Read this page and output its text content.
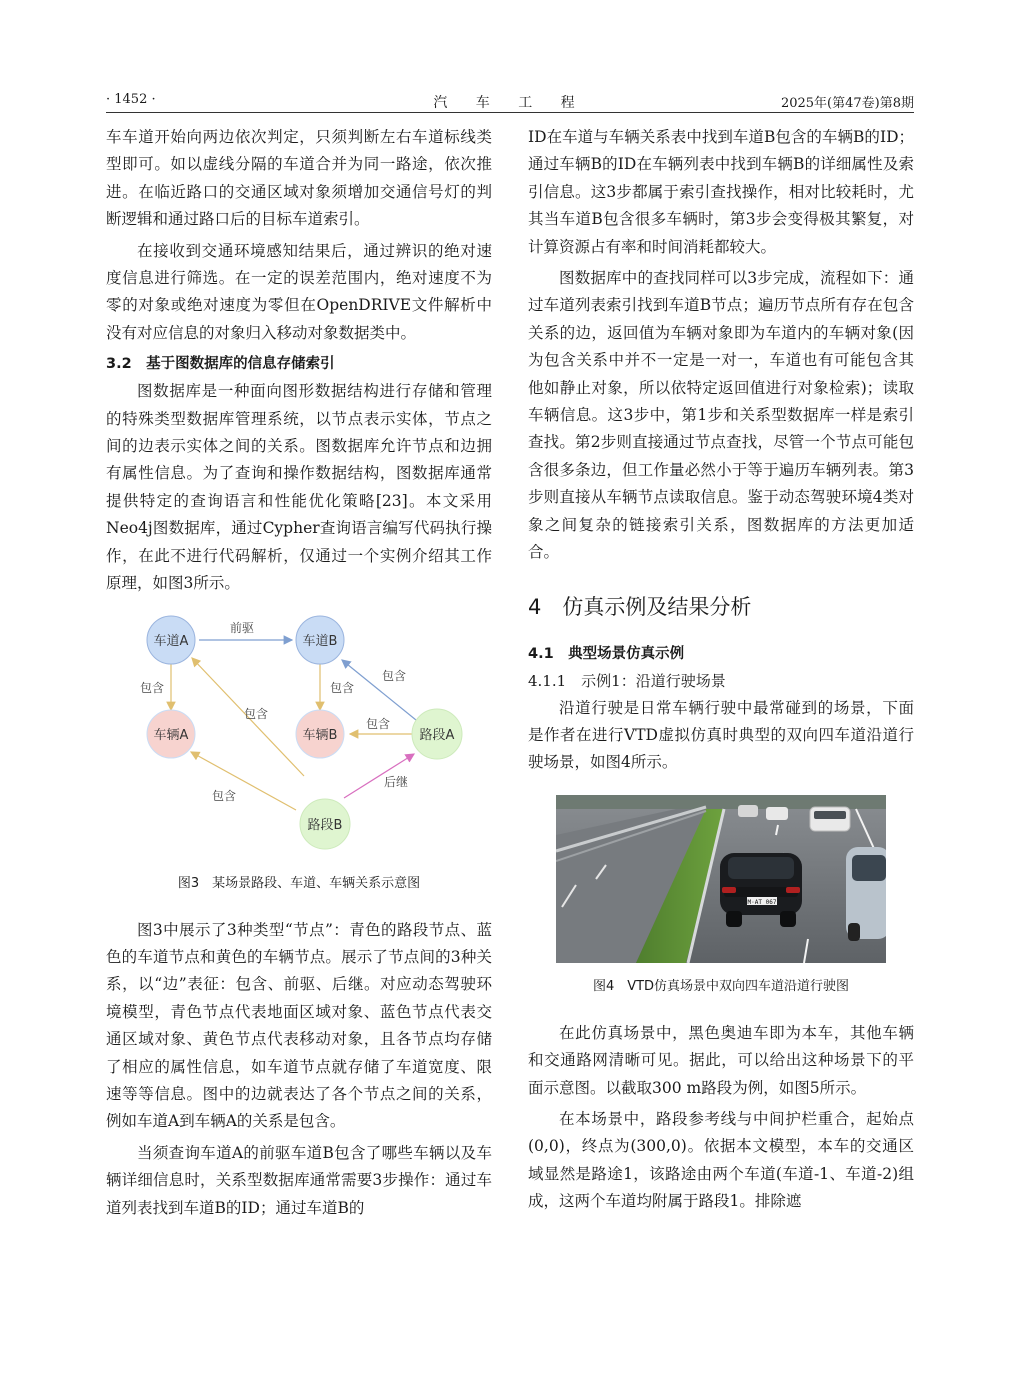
· 1452 ·	汽 车 工 程	2025年(第47卷)第8期

车车道开始向两边依次判定，只须判断左右车道标线类型即可。如以虚线分隔的车道合并为同一路途，依次推进。在临近路口的交通区域对象须增加交通信号灯的判断逻辑和通过路口后的目标车道索引。

在接收到交通环境感知结果后，通过辨识的绝对速度信息进行筛选。在一定的误差范围内，绝对速度不为零的对象或绝对速度为零但在OpenDRIVE文件解析中没有对应信息的对象归入移动对象数据类中。

3.2　基于图数据库的信息存储索引

图数据库是一种面向图形数据结构进行存储和管理的特殊类型数据库管理系统，以节点表示实体，节点之间的边表示实体之间的关系。图数据库允许节点和边拥有属性信息。为了查询和操作数据结构，图数据库通常提供特定的查询语言和性能优化策略[23]。本文采用Neo4j图数据库，通过Cypher查询语言编写代码执行操作，在此不进行代码解析，仅通过一个实例介绍其工作原理，如图3所示。

车道A	车道B
车辆A	车辆B	路段A
路段B
前驱
包含
包含
包含
包含
包含
包含
后继
图3　某场景路段、车道、车辆关系示意图

图3中展示了3种类型“节点”：青色的路段节点、蓝色的车道节点和黄色的车辆节点。展示了节点间的3种关系，以“边”表征：包含、前驱、后继。对应动态驾驶环境模型，青色节点代表地面区域对象、蓝色节点代表交通区域对象、黄色节点代表移动对象，且各节点均存储了相应的属性信息，如车道节点就存储了车道宽度、限速等等信息。图中的边就表达了各个节点之间的关系，例如车道A到车辆A的关系是包含。

当须查询车道A的前驱车道B包含了哪些车辆以及车辆详细信息时，关系型数据库通常需要3步操作：通过车道列表找到车道B的ID；通过车道B的

ID在车道与车辆关系表中找到车道B包含的车辆B的ID；通过车辆B的ID在车辆列表中找到车辆B的详细属性及索引信息。这3步都属于索引查找操作，相对比较耗时，尤其当车道B包含很多车辆时，第3步会变得极其繁复，对计算资源占有率和时间消耗都较大。

图数据库中的查找同样可以3步完成，流程如下：通过车道列表索引找到车道B节点；遍历节点所有存在包含关系的边，返回值为车辆对象即为车道内的车辆对象(因为包含关系中并不一定是一对一，车道也有可能包含其他如静止对象，所以依特定返回值进行对象检索)；读取车辆信息。这3步中，第1步和关系型数据库一样是索引查找。第2步则直接通过节点查找，尽管一个节点可能包含很多条边，但工作量必然小于等于遍历车辆列表。第3步则直接从车辆节点读取信息。鉴于动态驾驶环境4类对象之间复杂的链接索引关系，图数据库的方法更加适合。

4　仿真示例及结果分析
4.1　典型场景仿真示例
4.1.1　示例1：沿道行驶场景

沿道行驶是日常车辆行驶中最常碰到的场景，下面是作者在进行VTD虚拟仿真时典型的双向四车道沿道行驶场景，如图4所示。

M·AT 067
图4　VTD仿真场景中双向四车道沿道行驶图

在此仿真场景中，黑色奥迪车即为本车，其他车辆和交通路网清晰可见。据此，可以给出这种场景下的平面示意图。以截取300 m路段为例，如图5所示。

在本场景中，路段参考线与中间护栏重合，起始点(0,0)，终点为(300,0)。依据本文模型，本车的交通区域显然是路途1，该路途由两个车道(车道-1、车道-2)组成，这两个车道均附属于路段1。排除遮
